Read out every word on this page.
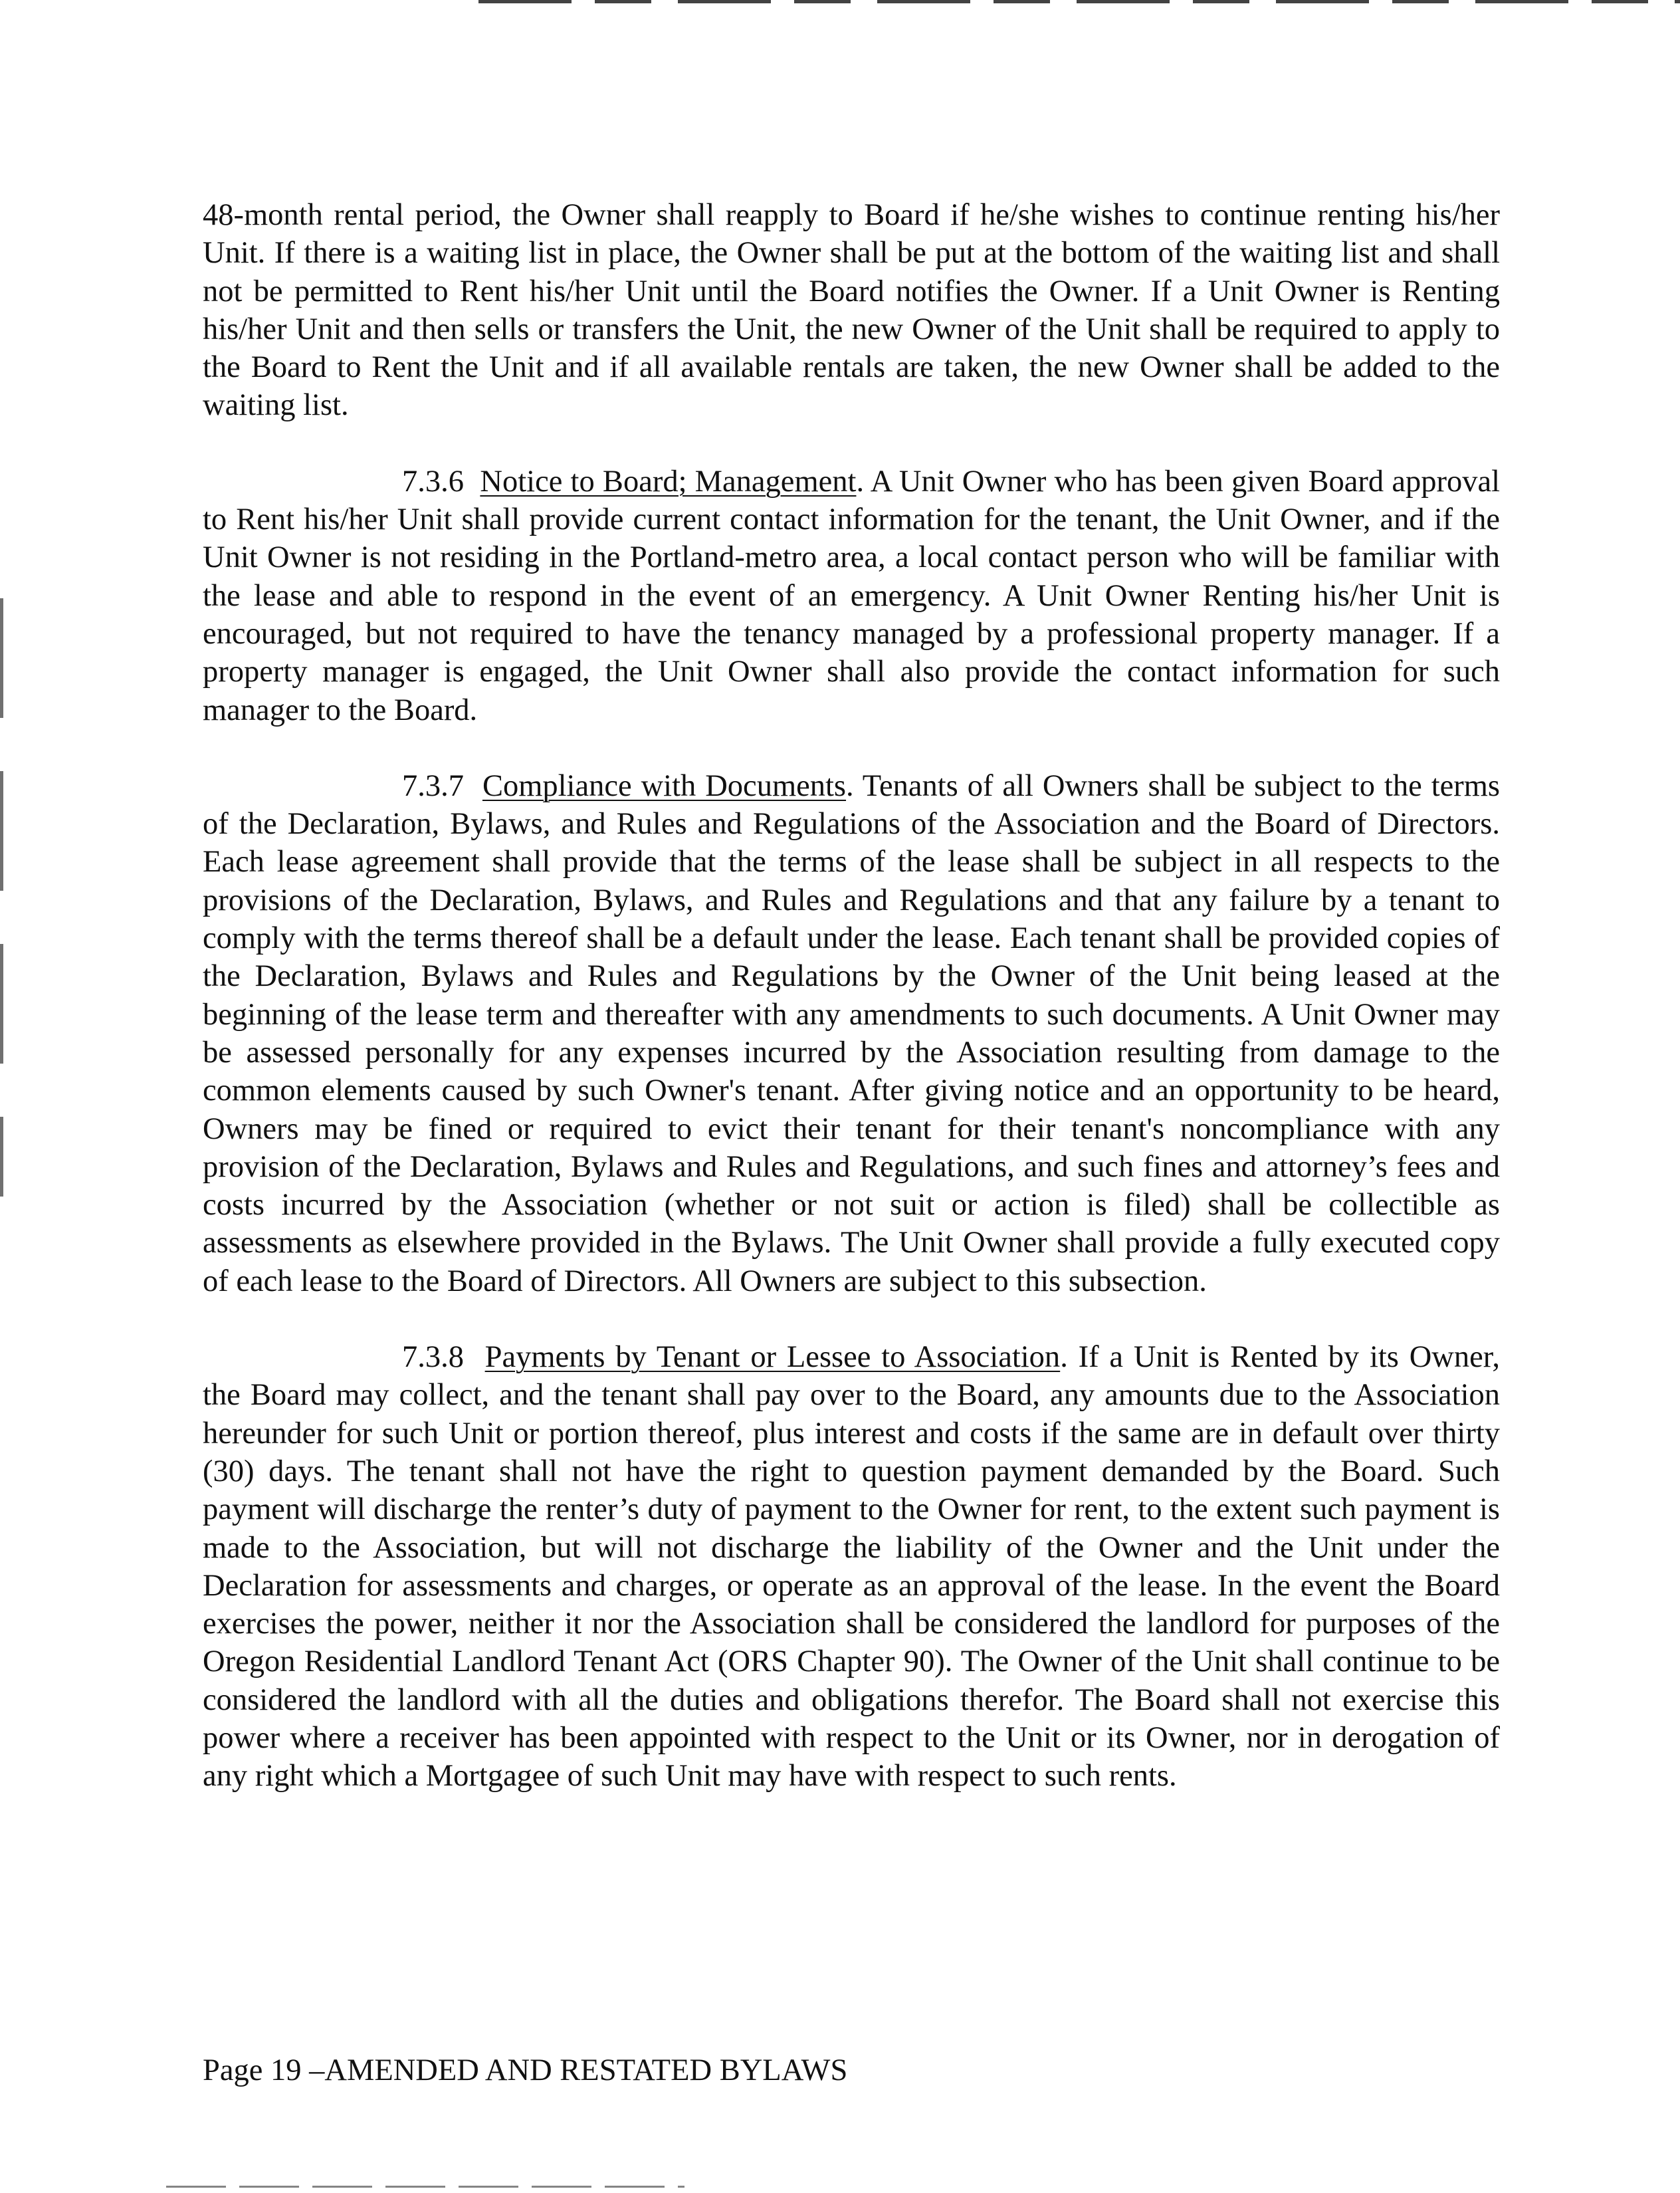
48-month rental period, the Owner shall reapply to Board if he/she wishes to continue renting his/her Unit. If there is a waiting list in place, the Owner shall be put at the bottom of the waiting list and shall not be permitted to Rent his/her Unit until the Board notifies the Owner. If a Unit Owner is Renting his/her Unit and then sells or transfers the Unit, the new Owner of the Unit shall be required to apply to the Board to Rent the Unit and if all available rentals are taken, the new Owner shall be added to the waiting list.

7.3.6 Notice to Board; Management. A Unit Owner who has been given Board approval to Rent his/her Unit shall provide current contact information for the tenant, the Unit Owner, and if the Unit Owner is not residing in the Portland-metro area, a local contact person who will be familiar with the lease and able to respond in the event of an emergency. A Unit Owner Renting his/her Unit is encouraged, but not required to have the tenancy managed by a professional property manager. If a property manager is engaged, the Unit Owner shall also provide the contact information for such manager to the Board.

7.3.7 Compliance with Documents. Tenants of all Owners shall be subject to the terms of the Declaration, Bylaws, and Rules and Regulations of the Association and the Board of Directors. Each lease agreement shall provide that the terms of the lease shall be subject in all respects to the provisions of the Declaration, Bylaws, and Rules and Regulations and that any failure by a tenant to comply with the terms thereof shall be a default under the lease. Each tenant shall be provided copies of the Declaration, Bylaws and Rules and Regulations by the Owner of the Unit being leased at the beginning of the lease term and thereafter with any amendments to such documents. A Unit Owner may be assessed personally for any expenses incurred by the Association resulting from damage to the common elements caused by such Owner's tenant. After giving notice and an opportunity to be heard, Owners may be fined or required to evict their tenant for their tenant's noncompliance with any provision of the Declaration, Bylaws and Rules and Regulations, and such fines and attorney’s fees and costs incurred by the Association (whether or not suit or action is filed) shall be collectible as assessments as elsewhere provided in the Bylaws. The Unit Owner shall provide a fully executed copy of each lease to the Board of Directors. All Owners are subject to this subsection.

7.3.8 Payments by Tenant or Lessee to Association. If a Unit is Rented by its Owner, the Board may collect, and the tenant shall pay over to the Board, any amounts due to the Association hereunder for such Unit or portion thereof, plus interest and costs if the same are in default over thirty (30) days. The tenant shall not have the right to question payment demanded by the Board. Such payment will discharge the renter’s duty of payment to the Owner for rent, to the extent such payment is made to the Association, but will not discharge the liability of the Owner and the Unit under the Declaration for assessments and charges, or operate as an approval of the lease. In the event the Board exercises the power, neither it nor the Association shall be considered the landlord for purposes of the Oregon Residential Landlord Tenant Act (ORS Chapter 90). The Owner of the Unit shall continue to be considered the landlord with all the duties and obligations therefor. The Board shall not exercise this power where a receiver has been appointed with respect to the Unit or its Owner, nor in derogation of any right which a Mortgagee of such Unit may have with respect to such rents.

Page 19 –AMENDED AND RESTATED BYLAWS
